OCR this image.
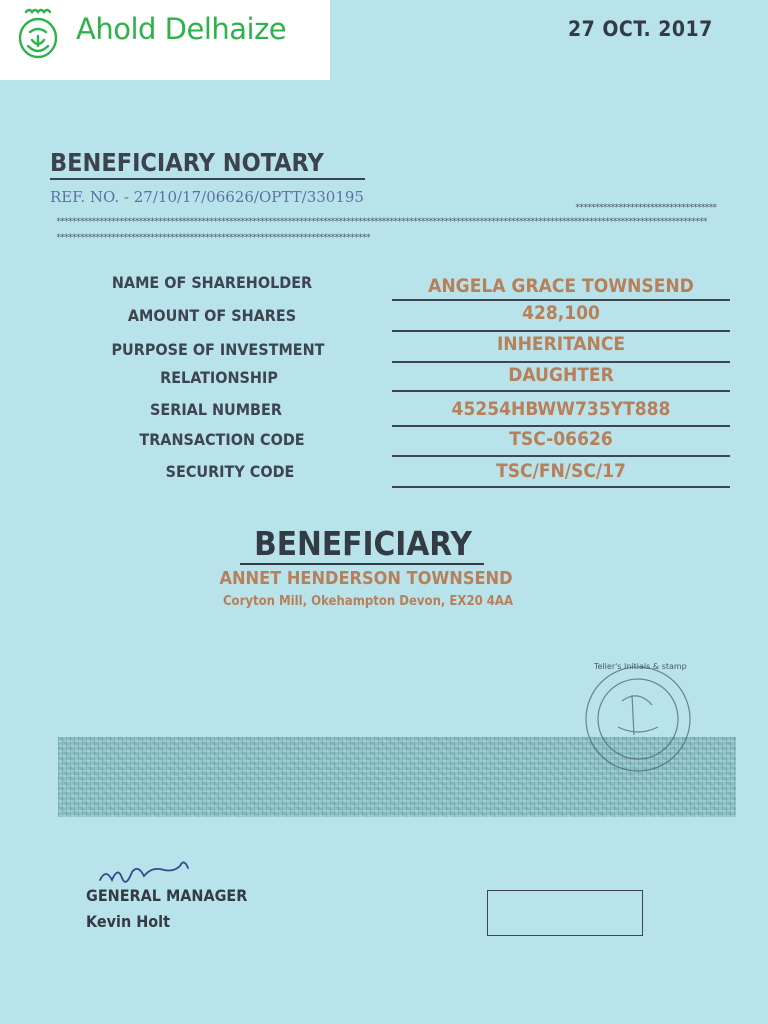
Ahold Delhaize	27 OCT. 2017
BENEFICIARY NOTARY
REF. NO. - 27/10/17/06626/OPTT/330195
************************************
**********************************************************************************************************************************************************************
********************************************************************************
NAME OF SHAREHOLDER	ANGELA GRACE TOWNSEND
AMOUNT OF SHARES	428,100
PURPOSE OF INVESTMENT	INHERITANCE
RELATIONSHIP	DAUGHTER
SERIAL NUMBER	45254HBWW735YT888
TRANSACTION CODE	TSC-06626
SECURITY CODE	TSC/FN/SC/17
BENEFICIARY
ANNET HENDERSON TOWNSEND
Coryton Mill, Okehampton Devon, EX20 4AA
Teller's Initials & stamp
GENERAL MANAGER
Kevin Holt
